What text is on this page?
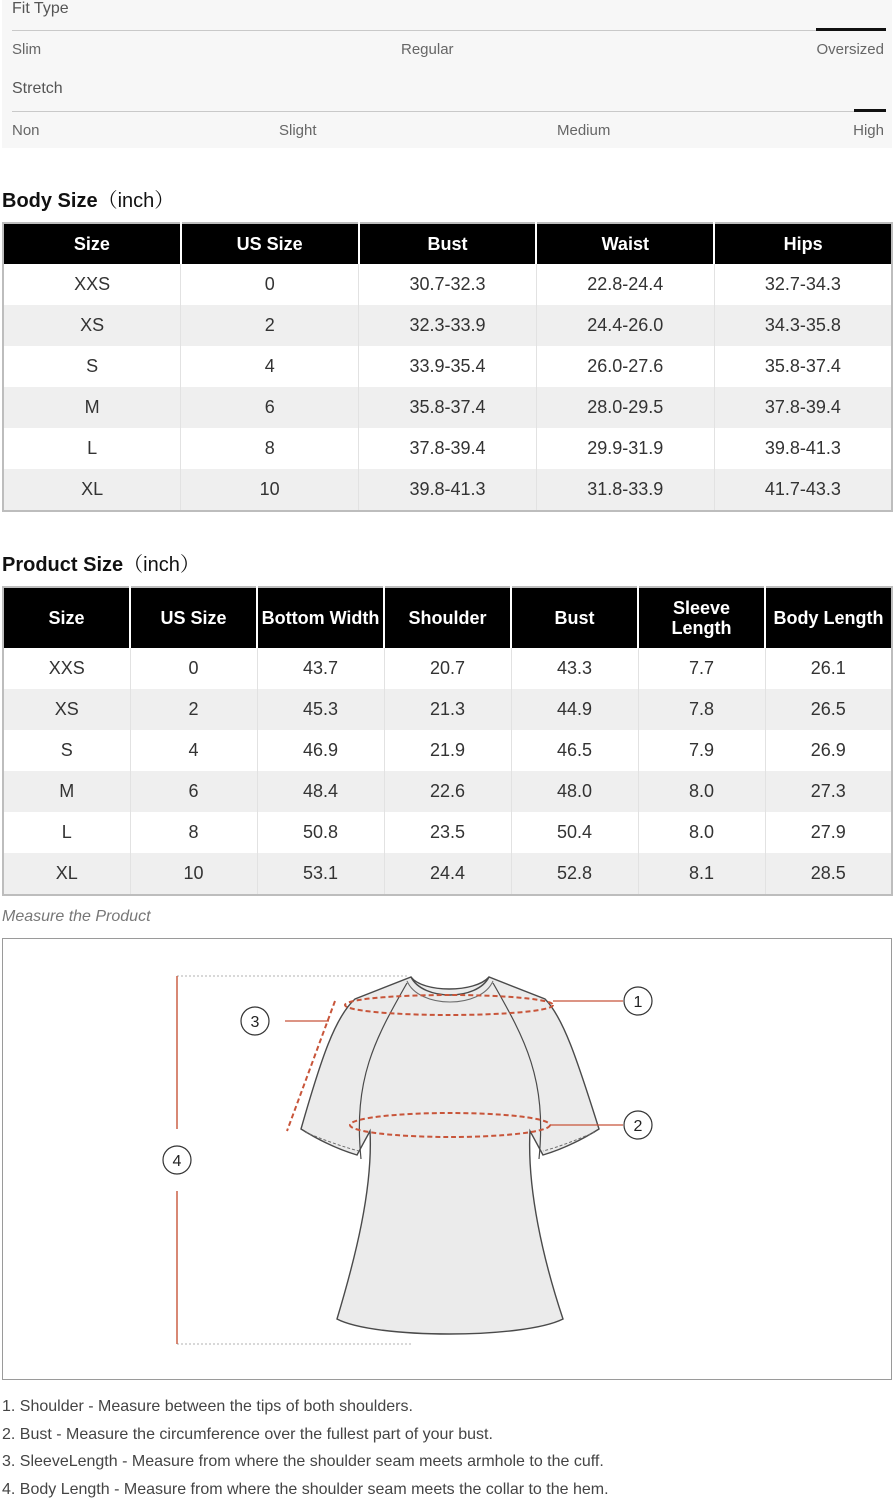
Fit Type
Slim	Regular	Oversized
Stretch
Non	Slight	Medium	High
Body Size（inch）
Size	US Size	Bust	Waist	Hips
XXS	0	30.7-32.3	22.8-24.4	32.7-34.3
XS	2	32.3-33.9	24.4-26.0	34.3-35.8
S	4	33.9-35.4	26.0-27.6	35.8-37.4
M	6	35.8-37.4	28.0-29.5	37.8-39.4
L	8	37.8-39.4	29.9-31.9	39.8-41.3
XL	10	39.8-41.3	31.8-33.9	41.7-43.3
Product Size（inch）
Size	US Size	Bottom Width	Shoulder	Bust	Sleeve Length	Body Length
XXS	0	43.7	20.7	43.3	7.7	26.1
XS	2	45.3	21.3	44.9	7.8	26.5
S	4	46.9	21.9	46.5	7.9	26.9
M	6	48.4	22.6	48.0	8.0	27.3
L	8	50.8	23.5	50.4	8.0	27.9
XL	10	53.1	24.4	52.8	8.1	28.5
Measure the Product
1
2
3
4
1. Shoulder - Measure between the tips of both shoulders.
2. Bust - Measure the circumference over the fullest part of your bust.
3. SleeveLength - Measure from where the shoulder seam meets armhole to the cuff.
4. Body Length - Measure from where the shoulder seam meets the collar to the hem.
